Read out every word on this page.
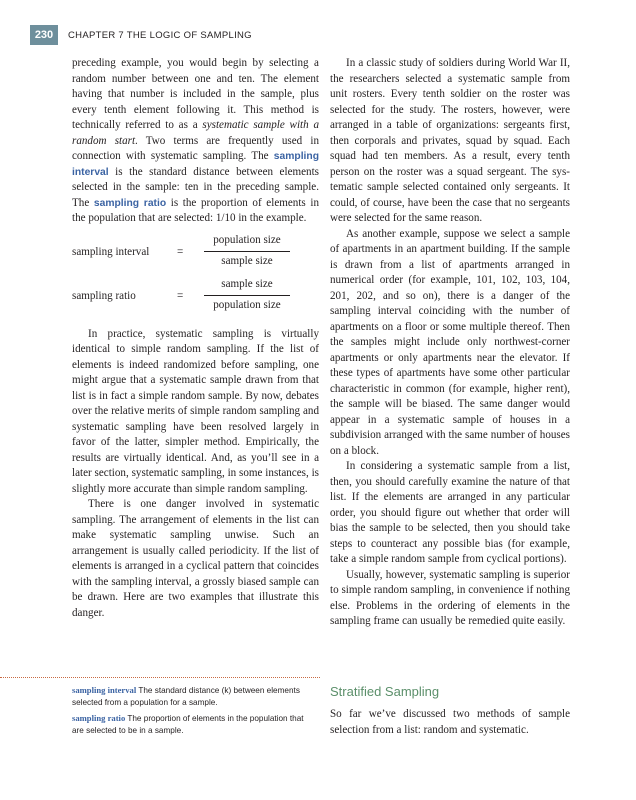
230	CHAPTER 7 THE LOGIC OF SAMPLING

preceding example, you would begin by selecting a random number between one and ten. The element having that number is included in the sample, plus every tenth element following it. This method is technically referred to as a systematic sample with a random start. Two terms are frequently used in connection with systematic sampling. The sampling interval is the standard distance between elements selected in the sample: ten in the preceding sample. The sampling ratio is the proportion of elements in the population that are selected: 1/10 in the example.

sampling interval =
population size
sample size
sampling ratio	=
sample size
population size

In practice, systematic sampling is virtually identical to simple random sampling. If the list of elements is indeed randomized before sampling, one might argue that a systematic sample drawn from that list is in fact a simple random sample. By now, debates over the relative merits of simple random sampling and systematic sampling have been resolved largely in favor of the latter, simpler method. Empirically, the results are virtually identical. And, as you’ll see in a later section, systematic sampling, in some instances, is slightly more accurate than simple random sampling.

There is one danger involved in systematic sampling. The arrangement of elements in the list can make systematic sampling unwise. Such an arrangement is usually called periodicity. If the list of elements is arranged in a cyclical pattern that coincides with the sampling interval, a grossly biased sample can be drawn. Here are two examples that illustrate this danger.

sampling interval The standard distance (k) between elements selected from a population for a sample.
sampling ratio The proportion of elements in the population that are selected to be in a sample.

In a classic study of soldiers during World War II, the researchers selected a systematic sample from unit rosters. Every tenth soldier on the roster was selected for the study. The rosters, however, were arranged in a table of organizations: sergeants first, then corporals and privates, squad by squad. Each squad had ten members. As a result, every tenth person on the roster was a squad sergeant. The systematic sample selected contained only sergeants. It could, of course, have been the case that no sergeants were selected for the same reason.

As another example, suppose we select a sample of apartments in an apartment building. If the sample is drawn from a list of apartments arranged in numerical order (for example, 101, 102, 103, 104, 201, 202, and so on), there is a danger of the sampling interval coinciding with the number of apartments on a floor or some multiple thereof. Then the samples might include only northwest-corner apartments or only apartments near the elevator. If these types of apartments have some other particular characteristic in common (for example, higher rent), the sample will be biased. The same danger would appear in a systematic sample of houses in a subdivision arranged with the same number of houses on a block.

In considering a systematic sample from a list, then, you should carefully examine the nature of that list. If the elements are arranged in any particular order, you should figure out whether that order will bias the sample to be selected, then you should take steps to counteract any possible bias (for example, take a simple random sample from cyclical portions).

Usually, however, systematic sampling is superior to simple random sampling, in convenience if nothing else. Problems in the ordering of elements in the sampling frame can usually be remedied quite easily.

Stratified Sampling

So far we’ve discussed two methods of sample selection from a list: random and systematic.
